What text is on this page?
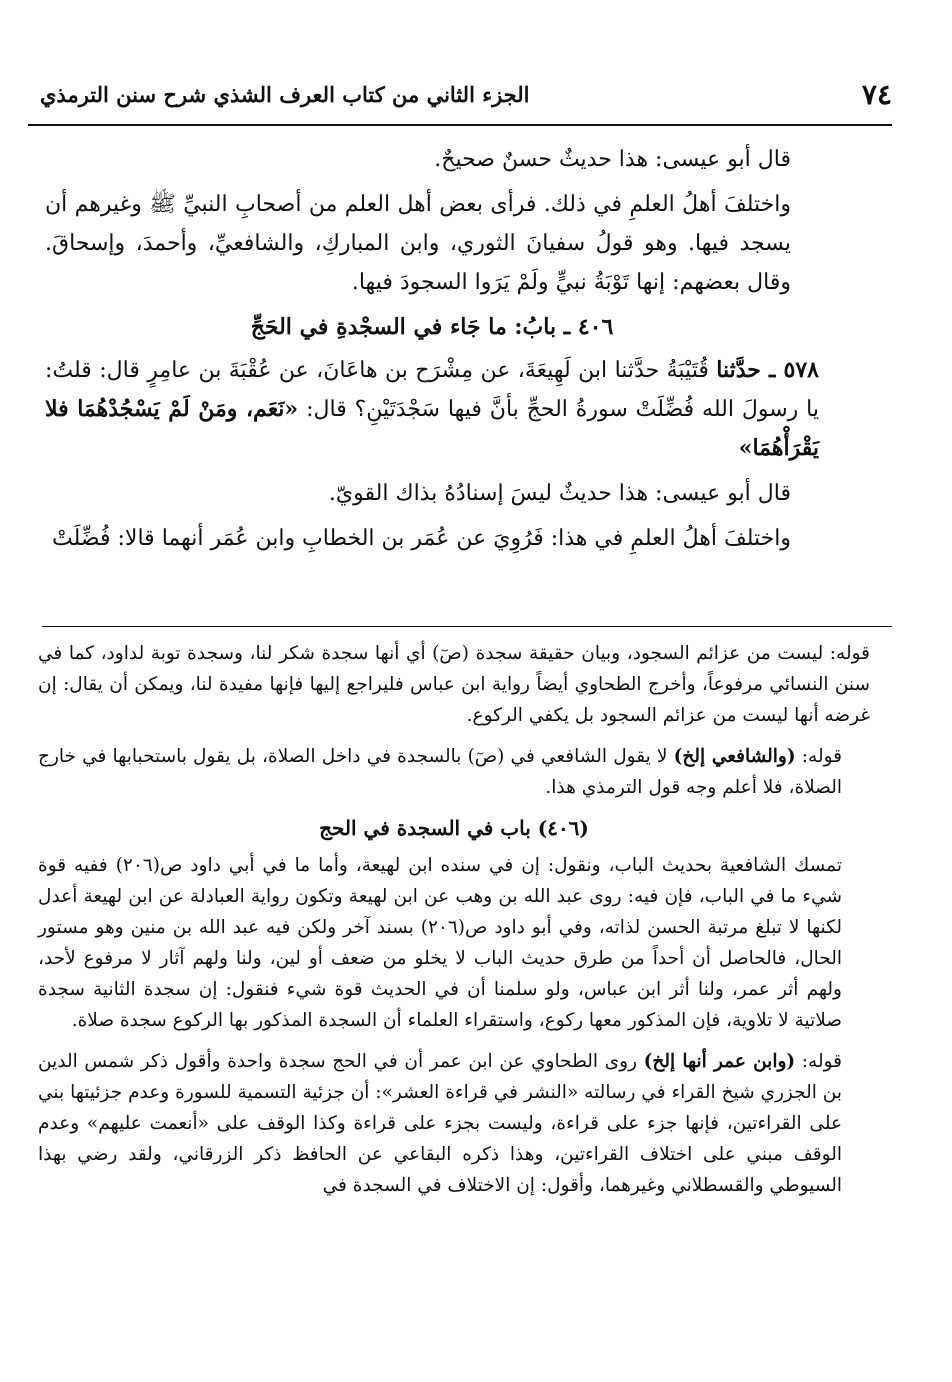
٧٤
الجزء الثاني من كتاب العرف الشذي شرح سنن الترمذي

قال أبو عيسى: هذا حديثٌ حسنٌ صحيحٌ.

واختلفَ أهلُ العلمِ في ذلك. فرأى بعض أهل العلم من أصحابِ النبيِّ ﷺ وغيرهم أن يسجد فيها. وهو قولُ سفيانَ الثوري، وابن المباركِ، والشافعيِّ، وأحمدَ، وإسحاقَ. وقال بعضهم: إنها تَوْبَةُ نبيٍّ ولَمْ يَرَوا السجودَ فيها.

٤٠٦ ـ بابُ: ما جَاء في السجْدةِ في الحَجِّ

٥٧٨ ـ حدَّثنا قُتَيْبَةُ حدَّثنا ابن لَهِيعَةَ، عن مِشْرَح بن هاعَانَ، عن عُقْبَةَ بن عامِرٍ قال: قلتُ: يا رسولَ الله فُضِّلَتْ سورةُ الحجِّ بأنَّ فيها سَجْدَتَيْنِ؟ قال: «نَعَم، ومَنْ لَمْ يَسْجُدْهُمَا فلا يَقْرَأْهُمَا»

قال أبو عيسى: هذا حديثٌ ليسَ إسنادُهُ بذاك القويّ.

واختلفَ أهلُ العلمِ في هذا: فَرُوِيَ عن عُمَر بن الخطابِ وابن عُمَر أنهما قالا: فُضِّلَتْ

قوله: ليست من عزائم السجود، وبيان حقيقة سجدة (صٓ) أي أنها سجدة شكر لنا، وسجدة توبة لداود، كما في سنن النسائي مرفوعاً، وأخرج الطحاوي أيضاً رواية ابن عباس فليراجع إليها فإنها مفيدة لنا، ويمكن أن يقال: إن غرضه أنها ليست من عزائم السجود بل يكفي الركوع.

قوله: (والشافعي إلخ) لا يقول الشافعي في (صٓ) بالسجدة في داخل الصلاة، بل يقول باستحبابها في خارج الصلاة، فلا أعلم وجه قول الترمذي هذا.

(٤٠٦) باب في السجدة في الحج

تمسك الشافعية بحديث الباب، ونقول: إن في سنده ابن لهيعة، وأما ما في أبي داود ص(٢٠٦) ففيه قوة شيء ما في الباب، فإن فيه: روى عبد الله بن وهب عن ابن لهيعة وتكون رواية العبادلة عن ابن لهيعة أعدل لكنها لا تبلغ مرتبة الحسن لذاته، وفي أبو داود ص(٢٠٦) بسند آخر ولكن فيه عبد الله بن منين وهو مستور الحال، فالحاصل أن أحداً من طرق حديث الباب لا يخلو من ضعف أو لين، ولنا ولهم آثار لا مرفوع لأحد، ولهم أثر عمر، ولنا أثر ابن عباس، ولو سلمنا أن في الحديث قوة شيء فنقول: إن سجدة الثانية سجدة صلاتية لا تلاوية، فإن المذكور معها ركوع، واستقراء العلماء أن السجدة المذكور بها الركوع سجدة صلاة.

قوله: (وابن عمر أنها إلخ) روى الطحاوي عن ابن عمر أن في الحج سجدة واحدة وأقول ذكر شمس الدين بن الجزري شيخ القراء في رسالته «النشر في قراءة العشر»: أن جزئية التسمية للسورة وعدم جزئيتها بني على القراءتين، فإنها جزء على قراءة، وليست بجزء على قراءة وكذا الوقف على «أنعمت عليهم» وعدم الوقف مبني على اختلاف القراءتين، وهذا ذكره البقاعي عن الحافظ ذكر الزرقاني، ولقد رضي بهذا السيوطي والقسطلاني وغيرهما، وأقول: إن الاختلاف في السجدة في
